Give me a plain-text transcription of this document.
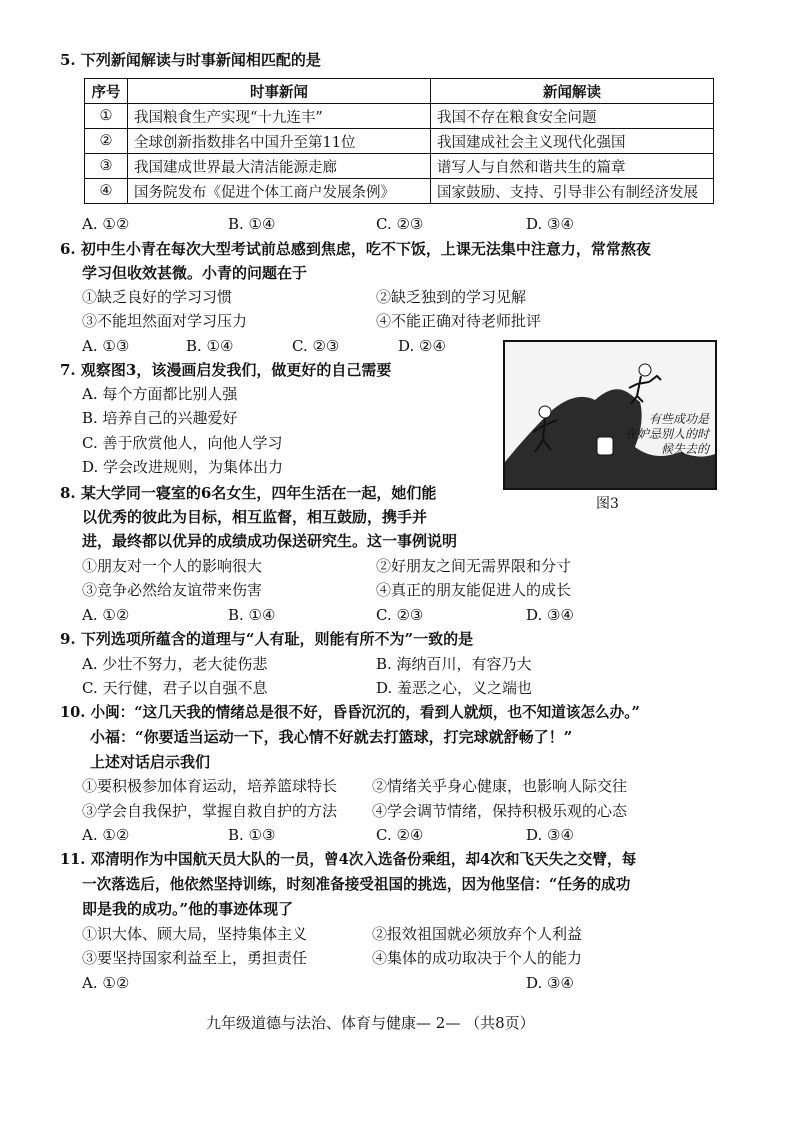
5. 下列新闻解读与时事新闻相匹配的是
序号	时事新闻	新闻解读
①	我国粮食生产实现“十九连丰”	我国不存在粮食安全问题
②	全球创新指数排名中国升至第11位	我国建成社会主义现代化强国
③	我国建成世界最大清洁能源走廊	谱写人与自然和谐共生的篇章
④	国务院发布《促进个体工商户发展条例》	国家鼓励、支持、引导非公有制经济发展
A. ①②	B. ①④	C. ②③	D. ③④
6. 初中生小青在每次大型考试前总感到焦虑，吃不下饭，上课无法集中注意力，常常熬夜
学习但收效甚微。小青的问题在于
①缺乏良好的学习习惯	②缺乏独到的学习见解
③不能坦然面对学习压力	④不能正确对待老师批评
A. ①③	B. ①④	C. ②③	D. ②④
7. 观察图3，该漫画启发我们，做更好的自己需要
A. 每个方面都比别人强
B. 培养自己的兴趣爱好
C. 善于欣赏他人，向他人学习
D. 学会改进规则，为集体出力
有些成功是
在妒忌别人的时
候失去的
图3
8. 某大学同一寝室的6名女生，四年生活在一起，她们能
以优秀的彼此为目标，相互监督，相互鼓励，携手并
进，最终都以优异的成绩成功保送研究生。这一事例说明
①朋友对一个人的影响很大	②好朋友之间无需界限和分寸
③竞争必然给友谊带来伤害	④真正的朋友能促进人的成长
A. ①②	B. ①④	C. ②③	D. ③④
9. 下列选项所蕴含的道理与“人有耻，则能有所不为”一致的是
A. 少壮不努力，老大徒伤悲	B. 海纳百川，有容乃大
C. 天行健，君子以自强不息	D. 羞恶之心，义之端也
10. 小闽：“这几天我的情绪总是很不好，昏昏沉沉的，看到人就烦，也不知道该怎么办。”
小福：“你要适当运动一下，我心情不好就去打篮球，打完球就舒畅了！”
上述对话启示我们
①要积极参加体育运动，培养篮球特长 ②情绪关乎身心健康，也影响人际交往
③学会自我保护，掌握自救自护的方法 ④学会调节情绪，保持积极乐观的心态
A. ①②	B. ①③	C. ②④	D. ③④
11. 邓清明作为中国航天员大队的一员，曾4次入选备份乘组，却4次和飞天失之交臂，每
一次落选后，他依然坚持训练，时刻准备接受祖国的挑选，因为他坚信：“任务的成功
即是我的成功。”他的事迹体现了
①识大体、顾大局，坚持集体主义	②报效祖国就必须放弃个人利益
③要坚持国家利益至上，勇担责任	④集体的成功取决于个人的能力
A. ①②	D. ③④
九年级道德与法治、体育与健康— 2— （共8页）
